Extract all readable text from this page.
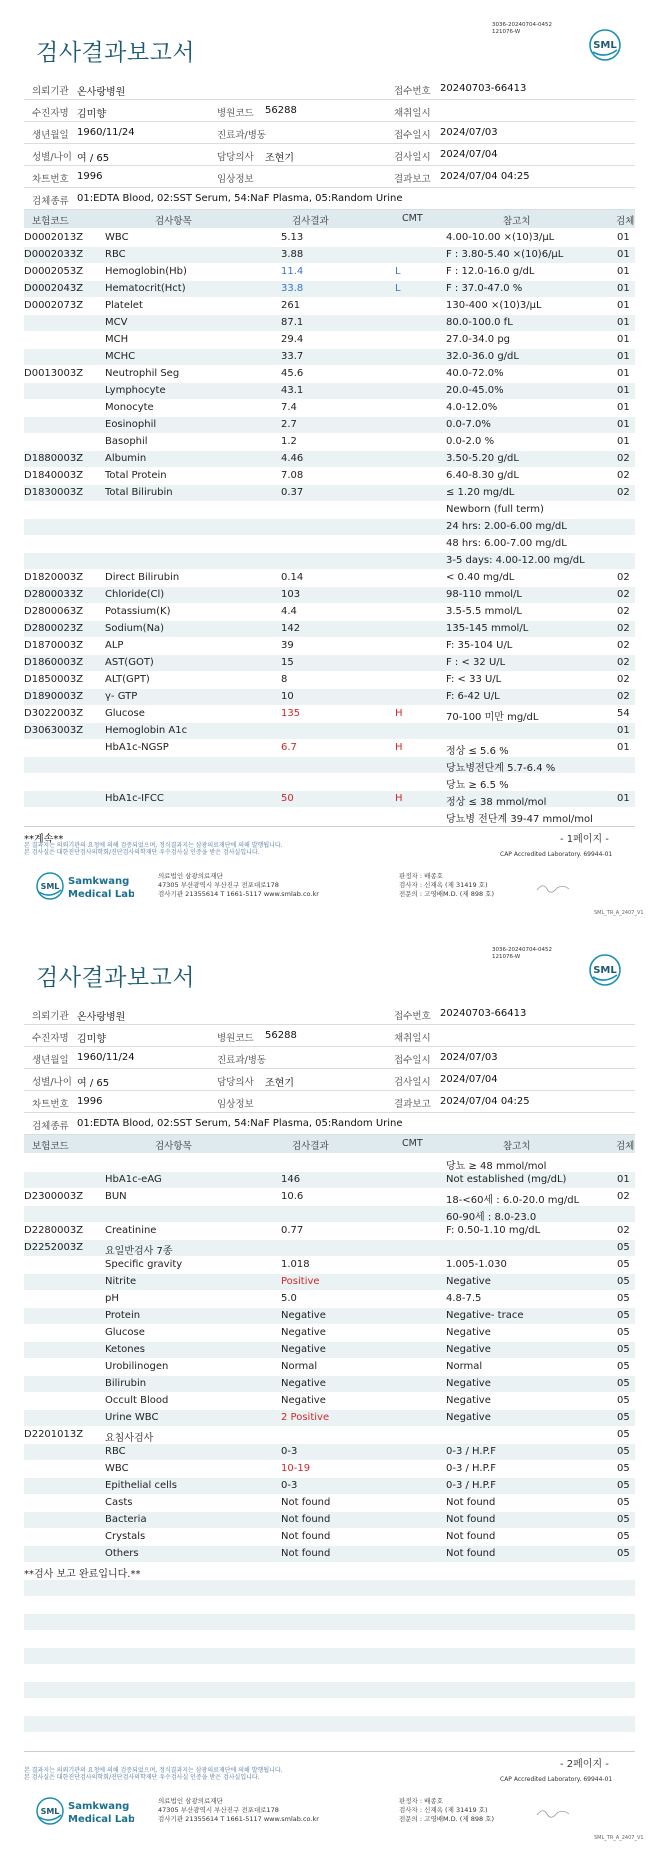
3036-20240704-0452
121076-W
검사결과보고서	SML
의뢰기관 온사랑병원	접수번호 20240703-66413
수진자명 김미향	병원코드 56288	채취일시
생년월일 1960/11/24	진료과/병동	접수일시 2024/07/03
성별/나이 여 / 65	담당의사 조현기	검사일시 2024/07/04
차트번호 1996	임상정보	결과보고 2024/07/04 04:25
검체종류 01:EDTA Blood, 02:SST Serum, 54:NaF Plasma, 05:Random Urine
보험코드	검사항목	검사결과	CMT	참고치	검체
D0002013Z WBC	5.13	4.00-10.00 ×(10)3/μL	01
D0002033Z RBC	3.88	F : 3.80-5.40 ×(10)6/μL	01
D0002053Z Hemoglobin(Hb)	11.4	L	F : 12.0-16.0 g/dL	01
D0002043Z Hematocrit(Hct)	33.8	L	F : 37.0-47.0 %	01
D0002073Z Platelet	261	130-400 ×(10)3/μL	01
MCV	87.1	80.0-100.0 fL	01
MCH	29.4	27.0-34.0 pg	01
MCHC	33.7	32.0-36.0 g/dL	01
D0013003Z Neutrophil Seg	45.6	40.0-72.0%	01
Lymphocyte	43.1	20.0-45.0%	01
Monocyte	7.4	4.0-12.0%	01
Eosinophil	2.7	0.0-7.0%	01
Basophil	1.2	0.0-2.0 %	01
D1880003Z Albumin	4.46	3.50-5.20 g/dL	02
D1840003Z Total Protein	7.08	6.40-8.30 g/dL	02
D1830003Z Total Bilirubin	0.37	≤ 1.20 mg/dL	02
Newborn (full term)
24 hrs: 2.00-6.00 mg/dL
48 hrs: 6.00-7.00 mg/dL
3-5 days: 4.00-12.00 mg/dL
D1820003Z Direct Bilirubin	0.14	< 0.40 mg/dL	02
D2800033Z Chloride(Cl)	103	98-110 mmol/L	02
D2800063Z Potassium(K)	4.4	3.5-5.5 mmol/L	02
D2800023Z Sodium(Na)	142	135-145 mmol/L	02
D1870003Z ALP	39	F: 35-104 U/L	02
D1860003Z AST(GOT)	15	F : < 32 U/L	02
D1850003Z ALT(GPT)	8	F: < 33 U/L	02
D1890003Z γ- GTP	10	F: 6-42 U/L	02
D3022003Z Glucose	135	H	70-100 미만 mg/dL	54
D3063003Z Hemoglobin A1c	01
HbA1c-NGSP	6.7	H	정상 ≤ 5.6 %	01
당뇨병전단계 5.7-6.4 %
당뇨 ≥ 6.5 %
HbA1c-IFCC	50	H	정상 ≤ 38 mmol/mol	01
당뇨병 전단계 39-47 mmol/mol
**계속**	- 1페이지 -
본 결과지는 의뢰기관의 요청에 의해 검증되었으며, 정식결과지는 삼광의료재단에 의해 발행됩니다.
본 검사실은 대한진단검사의학회/진단검사의학재단 우수검사실 인증을 받은 검사실입니다.	CAP Accredited Laboratory. 69944-01
SML Samkwang
Medical Lab
의료법인 삼광의료재단
47305 부산광역시 부산진구 전포대로178
검사기관 21355614 T 1661-5117 www.smlab.co.kr
판정자 : 배종호
검사자 : 신재옥 (제 31419 호)
전문의 : 고영배M.D. (제 898 호)
SML_TR_A_2407_V1
3036-20240704-0452
121076-W
검사결과보고서	SML
의뢰기관 온사랑병원	접수번호 20240703-66413
수진자명 김미향	병원코드 56288	채취일시
생년월일 1960/11/24	진료과/병동	접수일시 2024/07/03
성별/나이 여 / 65	담당의사 조현기	검사일시 2024/07/04
차트번호 1996	임상정보	결과보고 2024/07/04 04:25
검체종류 01:EDTA Blood, 02:SST Serum, 54:NaF Plasma, 05:Random Urine
보험코드	검사항목	검사결과	CMT	참고치	검체
당뇨 ≥ 48 mmol/mol
HbA1c-eAG	146	Not established (mg/dL)	01
D2300003Z BUN	10.6	18-<60세 : 6.0-20.0 mg/dL	02
60-90세 : 8.0-23.0
D2280003Z Creatinine	0.77	F: 0.50-1.10 mg/dL	02
D2252003Z 요일반검사 7종	05
Specific gravity	1.018	1.005-1.030	05
Nitrite	Positive	Negative	05
pH	5.0	4.8-7.5	05
Protein	Negative	Negative- trace	05
Glucose	Negative	Negative	05
Ketones	Negative	Negative	05
Urobilinogen	Normal	Normal	05
Bilirubin	Negative	Negative	05
Occult Blood	Negative	Negative	05
Urine WBC	2 Positive	Negative	05
D2201013Z 요침사검사	05
RBC	0-3	0-3 / H.P.F	05
WBC	10-19	0-3 / H.P.F	05
Epithelial cells	0-3	0-3 / H.P.F	05
Casts	Not found	Not found	05
Bacteria	Not found	Not found	05
Crystals	Not found	Not found	05
Others	Not found	Not found	05
**검사 보고 완료입니다.**
- 2페이지 -
본 결과지는 의뢰기관의 요청에 의해 검증되었으며, 정식결과지는 삼광의료재단에 의해 발행됩니다.
본 검사실은 대한진단검사의학회/진단검사의학재단 우수검사실 인증을 받은 검사실입니다.	CAP Accredited Laboratory. 69944-01
SML Samkwang
Medical Lab
의료법인 삼광의료재단
47305 부산광역시 부산진구 전포대로178
검사기관 21355614 T 1661-5117 www.smlab.co.kr
판정자 : 배종호
검사자 : 신재옥 (제 31419 호)
전문의 : 고영배M.D. (제 898 호)
SML_TR_A_2407_V1
